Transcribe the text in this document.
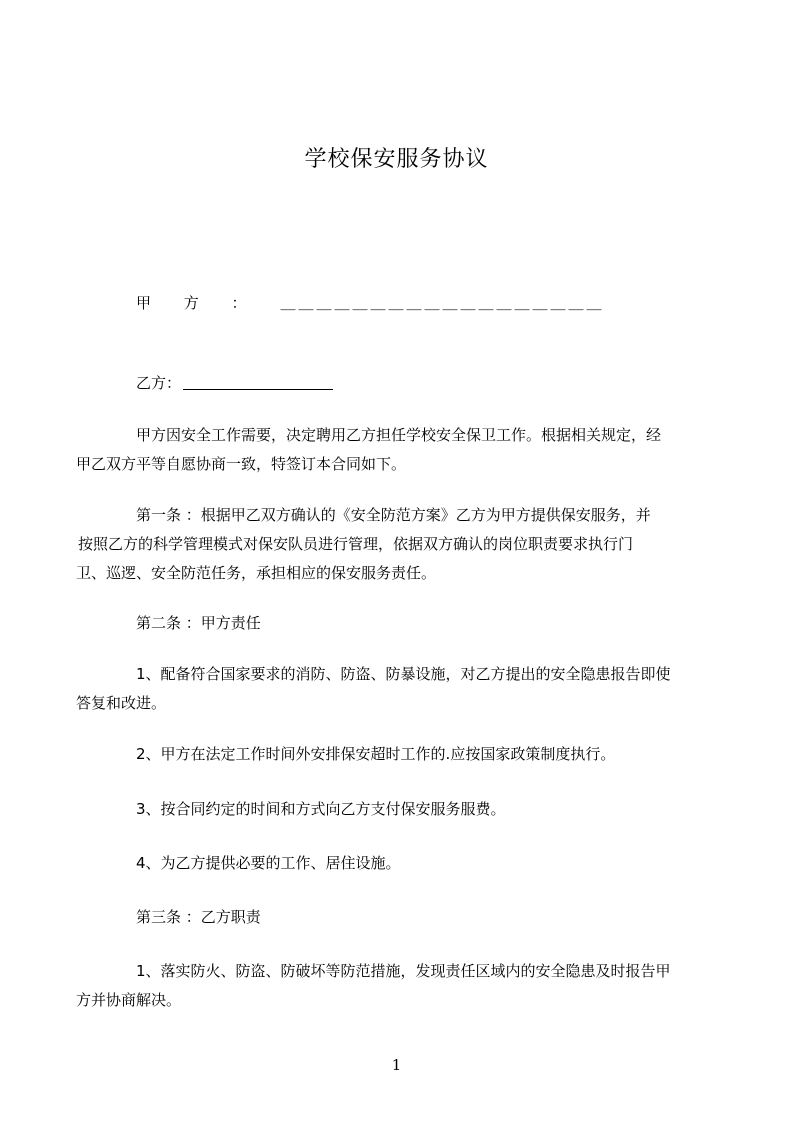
学校保安服务协议
甲 方 ： ＿＿＿＿＿＿＿＿＿＿＿＿＿＿＿＿＿＿
乙方：
甲方因安全工作需要，决定聘用乙方担任学校安全保卫工作。根据相关规定，经
甲乙双方平等自愿协商一致，特签订本合同如下。
第一条 ：根据甲乙双方确认的《安全防范方案》乙方为甲方提供保安服务，并
按照乙方的科学管理模式对保安队员进行管理，依据双方确认的岗位职责要求执行门
卫、巡逻、安全防范任务，承担相应的保安服务责任。
第二条 ：甲方责任
1、配备符合国家要求的消防、防盗、防暴设施，对乙方提出的安全隐患报告即使
答复和改进。
2、甲方在法定工作时间外安排保安超时工作的.应按国家政策制度执行。
3、按合同约定的时间和方式向乙方支付保安服务服费。
4、为乙方提供必要的工作、居住设施。
第三条 ：乙方职责
1、落实防火、防盗、防破坏等防范措施，发现责任区域内的安全隐患及时报告甲
方并协商解决。
1
